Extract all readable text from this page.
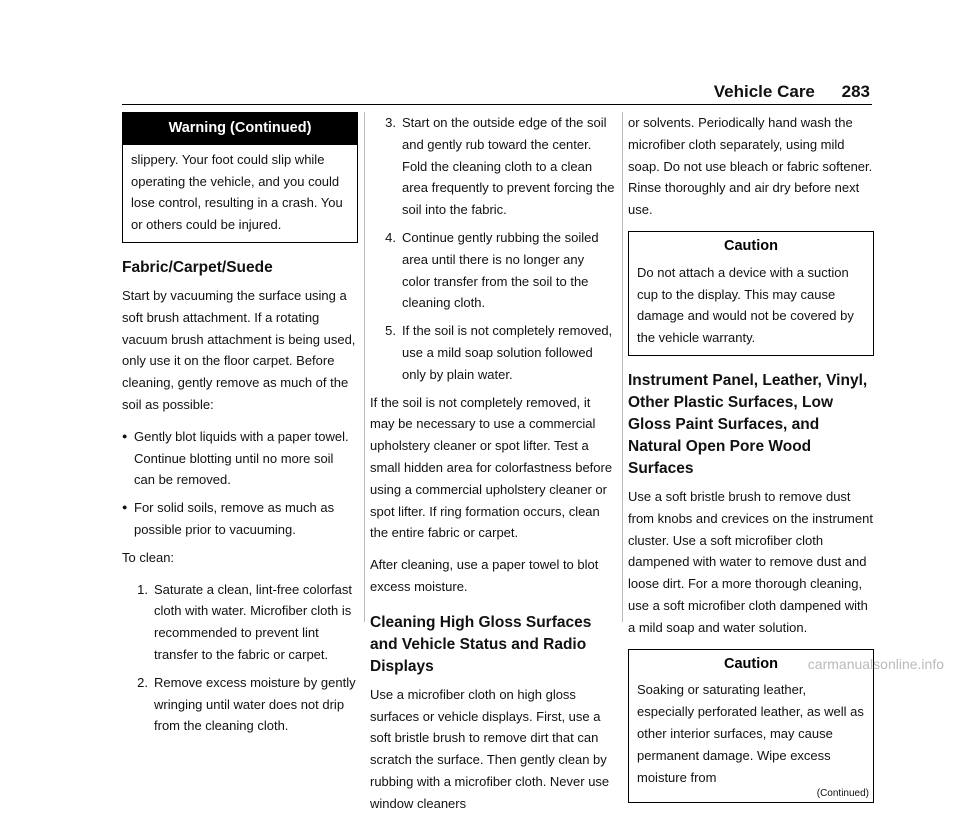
Vehicle Care 283
Warning (Continued)
slippery. Your foot could slip while operating the vehicle, and you could lose control, resulting in a crash. You or others could be injured.
Fabric/Carpet/Suede

Start by vacuuming the surface using a soft brush attachment. If a rotating vacuum brush attachment is being used, only use it on the floor carpet. Before cleaning, gently remove as much of the soil as possible:

● Gently blot liquids with a paper towel. Continue blotting until no more soil can be removed.
● For solid soils, remove as much as possible prior to vacuuming.

To clean:

1. Saturate a clean, lint-free colorfast cloth with water. Microfiber cloth is recommended to prevent lint transfer to the fabric or carpet.
2. Remove excess moisture by gently wringing until water does not drip from the cleaning cloth.
3. Start on the outside edge of the soil and gently rub toward the center. Fold the cleaning cloth to a clean area frequently to prevent forcing the soil into the fabric.
4. Continue gently rubbing the soiled area until there is no longer any color transfer from the soil to the cleaning cloth.
5. If the soil is not completely removed, use a mild soap solution followed only by plain water.

If the soil is not completely removed, it may be necessary to use a commercial upholstery cleaner or spot lifter. Test a small hidden area for colorfastness before using a commercial upholstery cleaner or spot lifter. If ring formation occurs, clean the entire fabric or carpet.

After cleaning, use a paper towel to blot excess moisture.

Cleaning High Gloss Surfaces and Vehicle Status and Radio Displays

Use a microfiber cloth on high gloss surfaces or vehicle displays. First, use a soft bristle brush to remove dirt that can scratch the surface. Then gently clean by rubbing with a microfiber cloth. Never use window cleaners

or solvents. Periodically hand wash the microfiber cloth separately, using mild soap. Do not use bleach or fabric softener. Rinse thoroughly and air dry before next use.

Caution
Do not attach a device with a suction cup to the display. This may cause damage and would not be covered by the vehicle warranty.
Instrument Panel, Leather, Vinyl, Other Plastic Surfaces, Low Gloss Paint Surfaces, and Natural Open Pore Wood Surfaces

Use a soft bristle brush to remove dust from knobs and crevices on the instrument cluster. Use a soft microfiber cloth dampened with water to remove dust and loose dirt. For a more thorough cleaning, use a soft microfiber cloth dampened with a mild soap and water solution.

Caution
Soaking or saturating leather, especially perforated leather, as well as other interior surfaces, may cause permanent damage. Wipe excess moisture from
(Continued)
carmanualsonline.info
